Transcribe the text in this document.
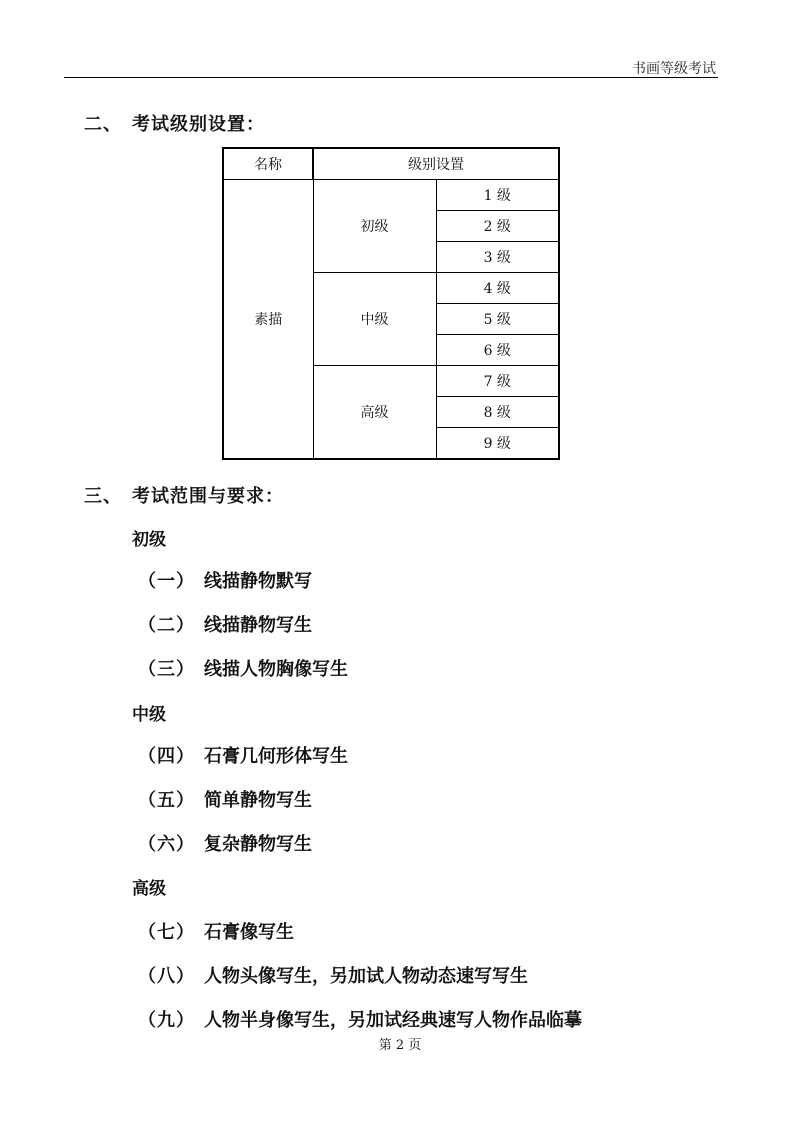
书画等级考试
二、 考试级别设置：
名称	级别设置	
素描	初级	1 级
		2 级
		3 级
	中级	4 级
		5 级
		6 级
	高级	7 级
		8 级
		9 级
三、 考试范围与要求：
初级
（一） 线描静物默写
（二） 线描静物写生
（三） 线描人物胸像写生
中级
（四） 石膏几何形体写生
（五） 简单静物写生
（六） 复杂静物写生
高级
（七） 石膏像写生
（八） 人物头像写生，另加试人物动态速写写生
（九） 人物半身像写生，另加试经典速写人物作品临摹
第 2 页
